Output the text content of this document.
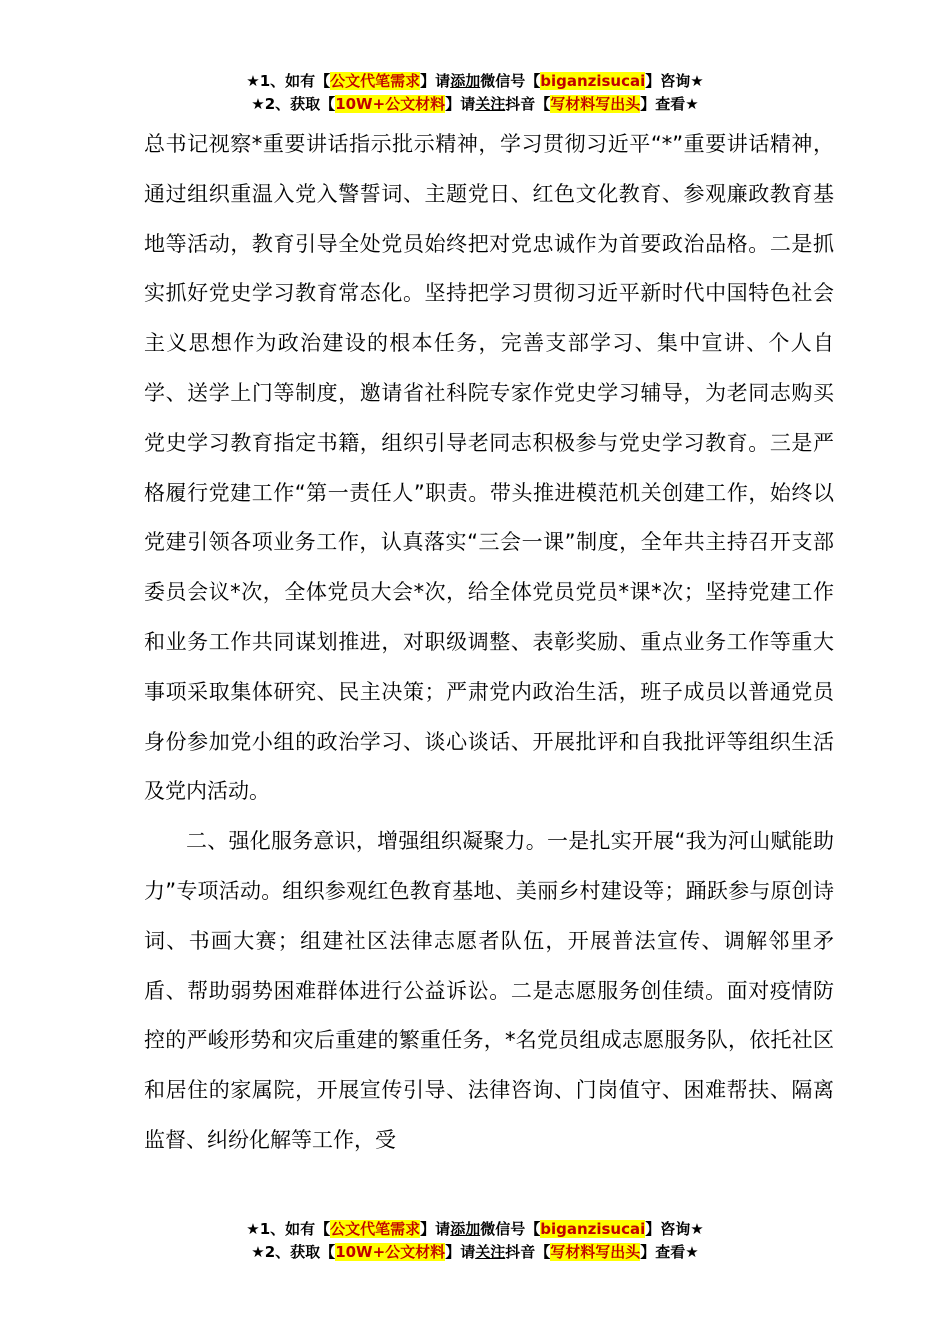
★1、如有【公文代笔需求】请添加微信号【biganzisucai】咨询★
★2、获取【10W+公文材料】请关注抖音【写材料写出头】查看★

总书记视察*重要讲话指示批示精神，学习贯彻习近平“*”重要讲话精神，通过组织重温入党入警誓词、主题党日、红色文化教育、参观廉政教育基地等活动，教育引导全处党员始终把对党忠诚作为首要政治品格。二是抓实抓好党史学习教育常态化。坚持把学习贯彻习近平新时代中国特色社会主义思想作为政治建设的根本任务，完善支部学习、集中宣讲、个人自学、送学上门等制度，邀请省社科院专家作党史学习辅导，为老同志购买党史学习教育指定书籍，组织引导老同志积极参与党史学习教育。三是严格履行党建工作“第一责任人”职责。带头推进模范机关创建工作，始终以党建引领各项业务工作，认真落实“三会一课”制度，全年共主持召开支部委员会议*次，全体党员大会*次，给全体党员党员*课*次；坚持党建工作和业务工作共同谋划推进，对职级调整、表彰奖励、重点业务工作等重大事项采取集体研究、民主决策；严肃党内政治生活，班子成员以普通党员身份参加党小组的政治学习、谈心谈话、开展批评和自我批评等组织生活及党内活动。

二、强化服务意识，增强组织凝聚力。一是扎实开展“我为河山赋能助力”专项活动。组织参观红色教育基地、美丽乡村建设等；踊跃参与原创诗词、书画大赛；组建社区法律志愿者队伍，开展普法宣传、调解邻里矛盾、帮助弱势困难群体进行公益诉讼。二是志愿服务创佳绩。面对疫情防控的严峻形势和灾后重建的繁重任务，*名党员组成志愿服务队，依托社区和居住的家属院，开展宣传引导、法律咨询、门岗值守、困难帮扶、隔离监督、纠纷化解等工作，受

★1、如有【公文代笔需求】请添加微信号【biganzisucai】咨询★
★2、获取【10W+公文材料】请关注抖音【写材料写出头】查看★
